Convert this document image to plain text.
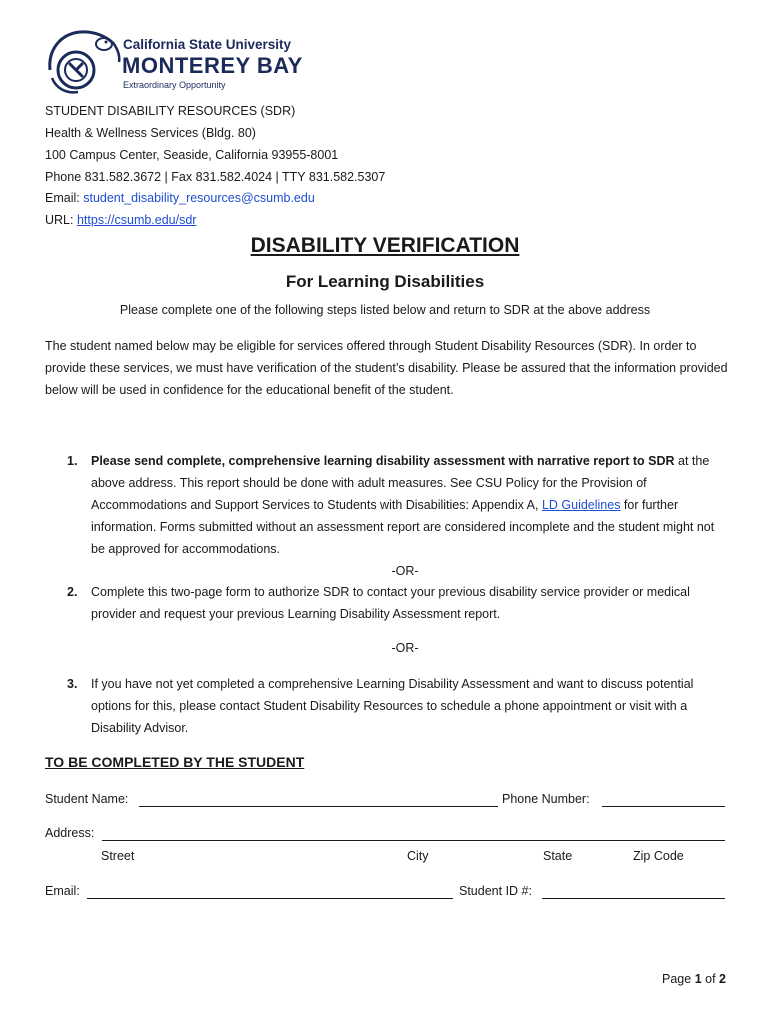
California State University
MONTEREY BAY
Extraordinary Opportunity
STUDENT DISABILITY RESOURCES (SDR)
Health & Wellness Services (Bldg. 80)
100 Campus Center, Seaside, California 93955-8001
Phone 831.582.3672 | Fax 831.582.4024 | TTY 831.582.5307
Email: student_disability_resources@csumb.edu
URL: https://csumb.edu/sdr
DISABILITY VERIFICATION
For Learning Disabilities
Please complete one of the following steps listed below and return to SDR at the above address
The student named below may be eligible for services offered through Student Disability Resources (SDR). In order to provide these services, we must have verification of the student’s disability. Please be assured that the information provided below will be used in confidence for the educational benefit of the student.
1. Please send complete, comprehensive learning disability assessment with narrative report to SDR at the above address. This report should be done with adult measures. See CSU Policy for the Provision of Accommodations and Support Services to Students with Disabilities: Appendix A, LD Guidelines for further information. Forms submitted without an assessment report are considered incomplete and the student might not be approved for accommodations.
-OR-
2. Complete this two-page form to authorize SDR to contact your previous disability service provider or medical provider and request your previous Learning Disability Assessment report.
-OR-
3. If you have not yet completed a comprehensive Learning Disability Assessment and want to discuss potential options for this, please contact Student Disability Resources to schedule a phone appointment or visit with a Disability Advisor.
TO BE COMPLETED BY THE STUDENT
Student Name:	Phone Number:
Address:
Street	City	State	Zip Code
Email:	Student ID #:
Page 1 of 2
